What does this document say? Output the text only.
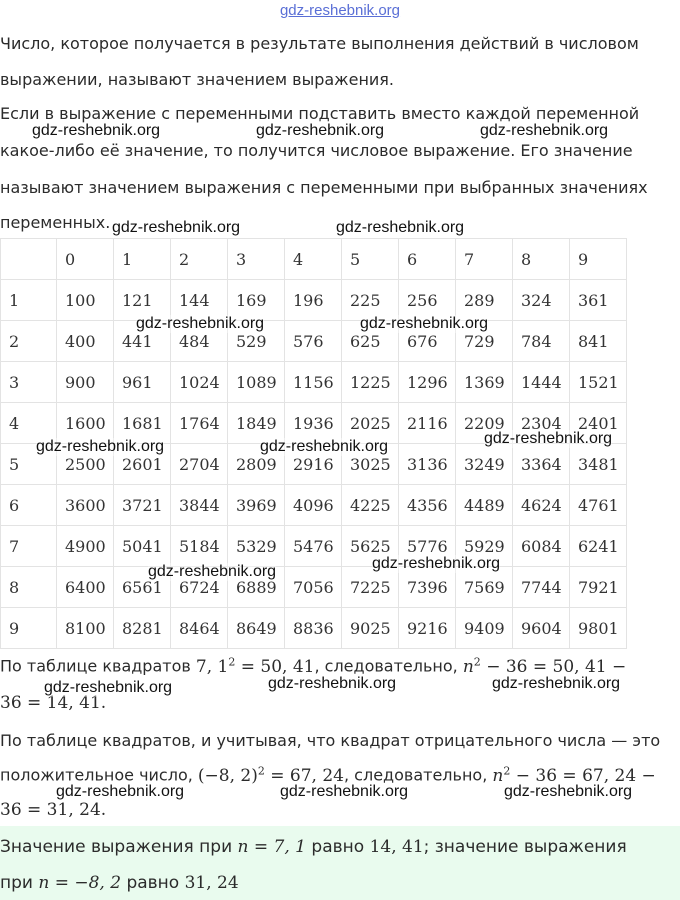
gdz-reshebnik.org

Число, которое получается в результате выполнения действий в числовом

выражении, называют значением выражения.

Если в выражение с переменными подставить вместо каждой переменной

какое-либо её значение, то получится числовое выражение. Его значение

называют значением выражения с переменными при выбранных значениях

переменных.

	0	1	2	3	4	5	6	7	8	9
1	100	121	144	169	196	225	256	289	324	361
2	400	441	484	529	576	625	676	729	784	841
3	900	961	1024	1089	1156	1225	1296	1369	1444	1521
4	1600	1681	1764	1849	1936	2025	2116	2209	2304	2401
5	2500	2601	2704	2809	2916	3025	3136	3249	3364	3481
6	3600	3721	3844	3969	4096	4225	4356	4489	4624	4761
7	4900	5041	5184	5329	5476	5625	5776	5929	6084	6241
8	6400	6561	6724	6889	7056	7225	7396	7569	7744	7921
9	8100	8281	8464	8649	8836	9025	9216	9409	9604	9801

По таблице квадратов 7, $1^2 = 50$, 41, следовательно, $n^2 - 36 = 50$, 41 −

36 = 14, 41.

По таблице квадратов, и учитывая, что квадрат отрицательного числа — это

положительное число, (−8, 2)$^2$ = 67, 24, следовательно, $n^2 - 36 = 67$, 24 −

36 = 31, 24.

Значение выражения при n = 7, 1 равно 14, 41; значение выражения
при n = −8, 2 равно 31, 24
gdz-reshebnik.org	gdz-reshebnik.org	gdz-reshebnik.org
gdz-reshebnik.org	gdz-reshebnik.org
gdz-reshebnik.org	gdz-reshebnik.org
gdz-reshebnik.org	gdz-reshebnik.org	gdz-reshebnik.org
gdz-reshebnik.org	gdz-reshebnik.org
gdz-reshebnik.org	gdz-reshebnik.org	gdz-reshebnik.org
gdz-reshebnik.org	gdz-reshebnik.org	gdz-reshebnik.org
